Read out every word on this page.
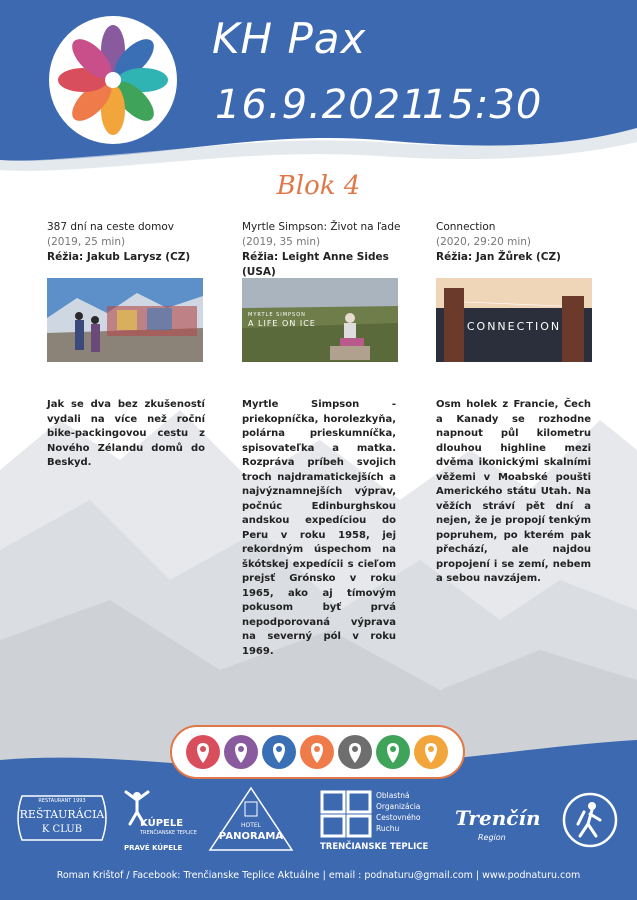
KH Pax
16.9.2021
15:30
Blok 4
387 dní na ceste domov
(2019, 25 min)
Réžia: Jakub Larysz (CZ)
Jak se dva bez zkušeností vydali na více než roční bike-packingovou cestu z Nového Zélandu domů do Beskyd.
Myrtle Simpson: Život na ľade
(2019, 35 min)
Réžia: Leight Anne Sides (USA)
MYRTLE SIMPSON
A LIFE ON ICE
Myrtle Simpson - priekopníčka, horolezkyňa, polárna prieskumníčka, spisovateľka a matka. Rozpráva príbeh svojich troch najdramatickejších a najvýznamnejších výprav, počnúc Edinburghskou andskou expedíciou do Peru v roku 1958, jej rekordným úspechom na škótskej expedícii s cieľom prejsť Grónsko v roku 1965, ako aj tímovým pokusom byť prvá nepodporovaná výprava na severný pól v roku 1969.
Connection
(2020, 29:20 min)
Réžia: Jan Žůrek (CZ)
CONNECTION
Osm holek z Francie, Čech a Kanady se rozhodne napnout půl kilometru dlouhou highline mezi dvěma ikonickými skalními věžemi v Moabské poušti Amerického státu Utah. Na věžích stráví pět dní a nejen, že je propojí tenkým popruhem, po kterém pak přechází, ale najdou propojení i se zemí, nebem a sebou navzájem.
RESTAURANT 1993
REŠTAURÁCIA
K CLUB
KÚPELE
TRENČIANSKE TEPLICE
PRAVÉ KÚPELE
HOTEL
PANORAMA
Oblastná
Organizácia
Cestovného
Ruchu
TRENČIANSKE TEPLICE
Trenčín
Region
Roman Krištof / Facebook: Trenčianske Teplice Aktuálne | email : podnaturu@gmail.com | www.podnaturu.com
